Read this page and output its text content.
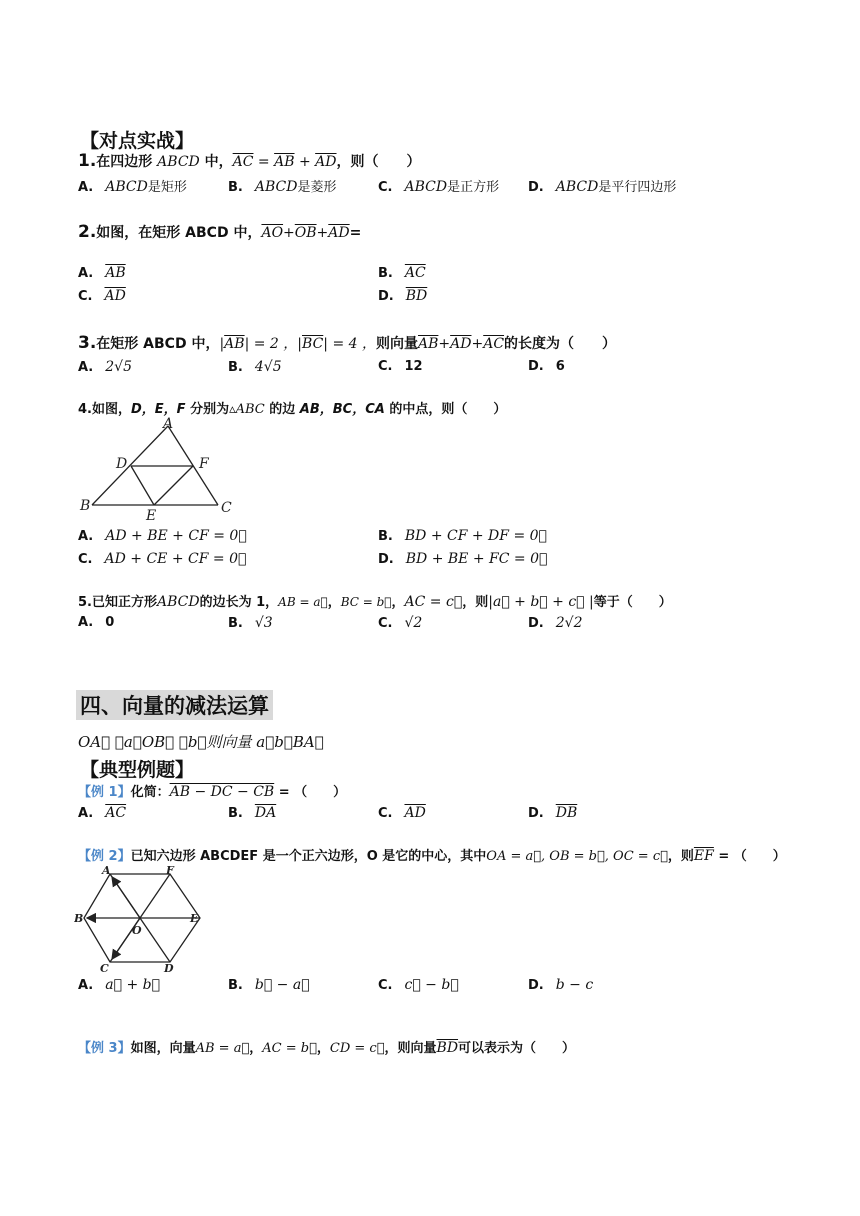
【对点实战】
1.在四边形 ABCD 中，$\overline{AC} = \overline{AB} + \overline{AD}$，则（　　）
A. ABCD是矩形	B. ABCD是菱形	C. ABCD是正方形 D. ABCD是平行四边形
2.如图，在矩形 ABCD 中，$\overline{AO}+\overline{OB}+\overline{AD}=$
A. $\overline{AB}$	B. $\overline{AC}$
C. $\overline{AD}$	D. $\overline{BD}$
3.在矩形 ABCD 中，$|\overline{AB}| = 2$ ，$|\overline{BC}| = 4$ ，则向量$\overline{AB}+\overline{AD}+\overline{AC}$的长度为（　　）
A. 2√5	B. 4√5	C. 12	D. 6
4.如图，D，E，F 分别为▵ABC 的边 AB，BC，CA 的中点，则（　　）
A
B	C
D
E
F
A. AD + BE + CF = 0⃗	B. BD + CF + DF = 0⃗
C. AD + CE + CF = 0⃗	D. BD + BE + FC = 0⃗
5.已知正方形ABCD的边长为 1，AB = a⃗，BC = b⃗，AC = c⃗，则|a⃗ + b⃗ + c⃗ |等于（　　）
A. 0	B. √3	C. √2	D. 2√2
四、向量的减法运算
OA⃗ ＝a，OB⃗ ＝b，则向量 a－b＝BA⃗
【典型例题】
【例 1】化简：AB − DC − CB = （　　）
A. $\overline{AC}$	B. $\overline{DA}$	C. $\overline{AD}$	D. $\overline{DB}$
【例 2】已知六边形 ABCDEF 是一个正六边形，O 是它的中心，其中OA = a⃗, OB = b⃗, OC = c⃗，则$\overline{EF}$ = （　　）
A	F
B	E
O
C	D
A. a⃗ + b⃗	B. b⃗ − a⃗	C. c⃗ − b⃗	D. b − c
【例 3】如图，向量AB = a⃗，AC = b⃗，CD = c⃗，则向量$\overline{BD}$可以表示为（　　）
